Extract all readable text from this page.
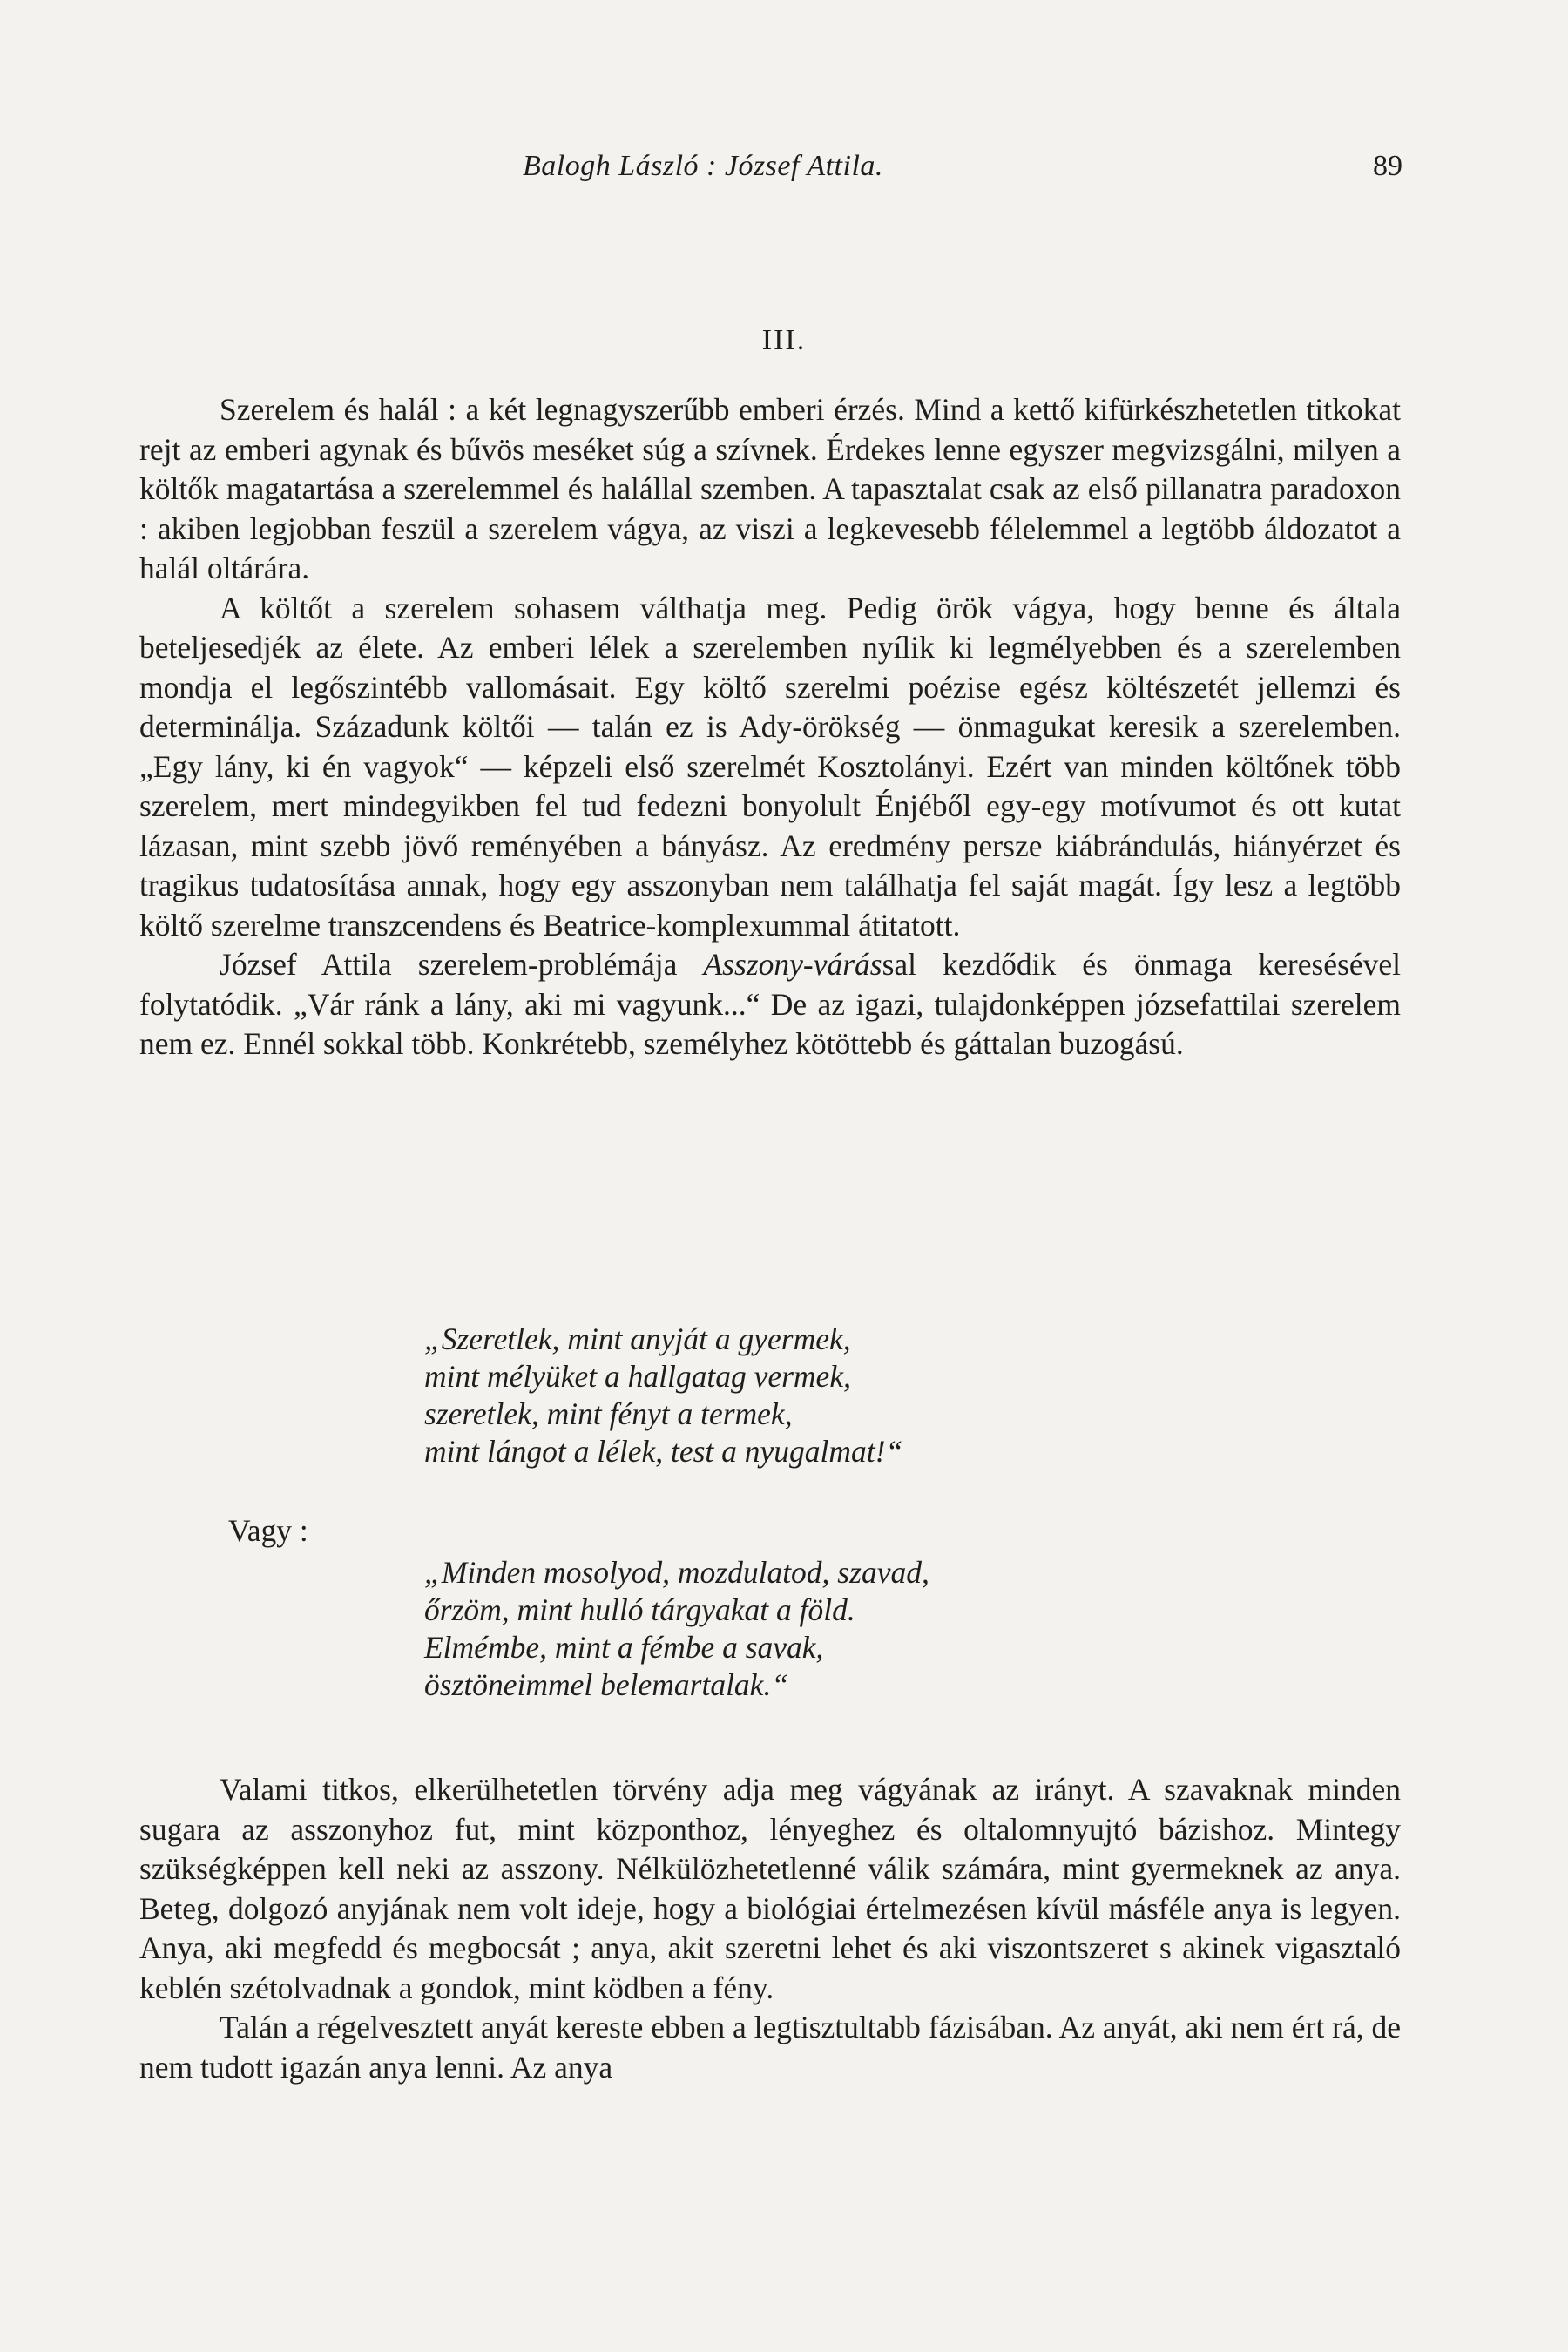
Balogh László : József Attila.	89
III.

Szerelem és halál : a két legnagyszerűbb emberi érzés. Mind a kettő kifürkészhetetlen titkokat rejt az emberi agynak és bűvös meséket súg a szívnek. Érdekes lenne egyszer megvizsgálni, milyen a költők magatartása a szerelemmel és halállal szemben. A tapasztalat csak az első pillanatra paradoxon : akiben legjobban feszül a szerelem vágya, az viszi a legkevesebb félelemmel a legtöbb áldozatot a halál oltárára.

A költőt a szerelem sohasem válthatja meg. Pedig örök vágya, hogy benne és általa beteljesedjék az élete. Az emberi lélek a szerelemben nyílik ki legmélyebben és a szerelemben mondja el legőszintébb vallomásait. Egy költő szerelmi poézise egész költészetét jellemzi és determinálja. Századunk költői — talán ez is Ady-örökség — önmagukat keresik a szerelemben. „Egy lány, ki én vagyok“ — képzeli első szerelmét Kosztolányi. Ezért van minden költőnek több szerelem, mert mindegyikben fel tud fedezni bonyolult Énjéből egy-egy motívumot és ott kutat lázasan, mint szebb jövő reményében a bányász. Az eredmény persze kiábrándulás, hiányérzet és tragikus tudatosítása annak, hogy egy asszonyban nem találhatja fel saját magát. Így lesz a legtöbb költő szerelme transzcendens és Beatrice-komplexummal átitatott.

József Attila szerelem-problémája Asszony-várással kezdődik és önmaga keresésével folytatódik. „Vár ránk a lány, aki mi vagyunk...“ De az igazi, tulajdonképpen józsefattilai szerelem nem ez. Ennél sokkal több. Konkrétebb, személyhez kötöttebb és gáttalan buzogású.

„Szeretlek, mint anyját a gyermek,
mint mélyüket a hallgatag vermek,
szeretlek, mint fényt a termek,
mint lángot a lélek, test a nyugalmat!“
Vagy :
„Minden mosolyod, mozdulatod, szavad,
őrzöm, mint hulló tárgyakat a föld.
Elmémbe, mint a fémbe a savak,
ösztöneimmel belemartalak.“

Valami titkos, elkerülhetetlen törvény adja meg vágyának az irányt. A szavaknak minden sugara az asszonyhoz fut, mint központhoz, lényeghez és oltalomnyujtó bázishoz. Mintegy szükségképpen kell neki az asszony. Nélkülözhetetlenné válik számára, mint gyermeknek az anya. Beteg, dolgozó anyjának nem volt ideje, hogy a biológiai értelmezésen kívül másféle anya is legyen. Anya, aki megfedd és megbocsát ; anya, akit szeretni lehet és aki viszontszeret s akinek vigasztaló keblén szétolvadnak a gondok, mint ködben a fény.

Talán a régelvesztett anyát kereste ebben a legtisztultabb fázisában. Az anyát, aki nem ért rá, de nem tudott igazán anya lenni. Az anya
